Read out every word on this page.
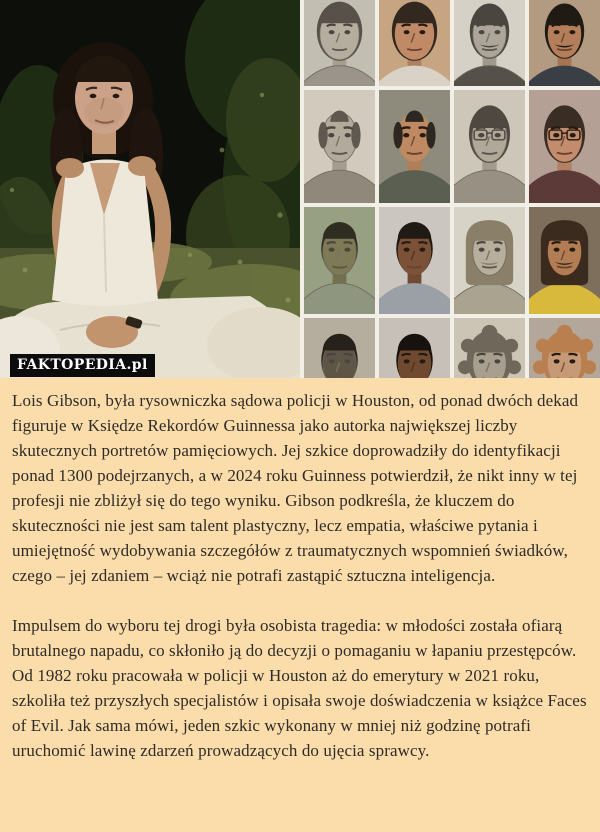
FAKTOPEDIA.pl

Lois Gibson, była rysowniczka sądowa policji w Houston, od ponad dwóch dekad figuruje w Księdze Rekordów Guinnessa jako autorka największej liczby skutecznych portretów pamięciowych. Jej szkice doprowadziły do identyfikacji ponad 1300 podejrzanych, a w 2024 roku Guinness potwierdził, że nikt inny w tej profesji nie zbliżył się do tego wyniku. Gibson podkreśla, że kluczem do skuteczności nie jest sam talent plastyczny, lecz empatia, właściwe pytania i umiejętność wydobywania szczegółów z traumatycznych wspomnień świadków, czego – jej zdaniem – wciąż nie potrafi zastąpić sztuczna inteligencja.

Impulsem do wyboru tej drogi była osobista tragedia: w młodości została ofiarą brutalnego napadu, co skłoniło ją do decyzji o pomaganiu w łapaniu przestępców. Od 1982 roku pracowała w policji w Houston aż do emerytury w 2021 roku, szkoliła też przyszłych specjalistów i opisała swoje doświadczenia w książce Faces of Evil. Jak sama mówi, jeden szkic wykonany w mniej niż godzinę potrafi uruchomić lawinę zdarzeń prowadzących do ujęcia sprawcy.
